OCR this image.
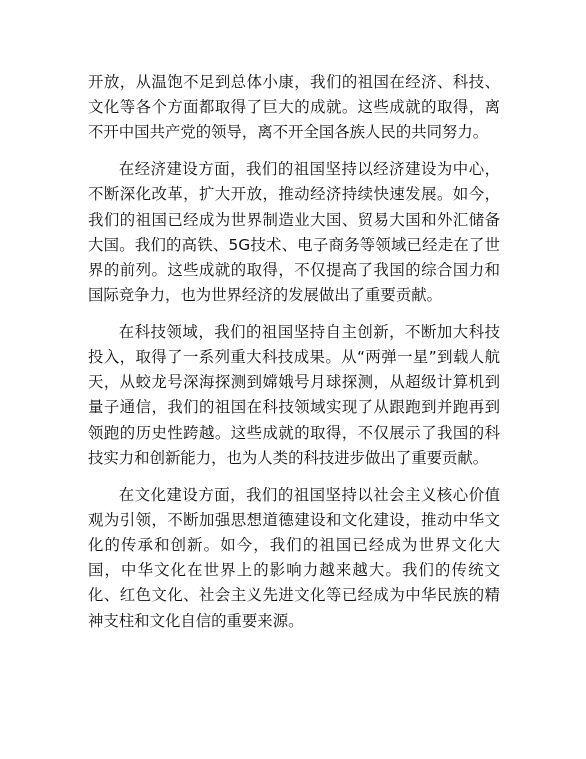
开放，从温饱不足到总体小康，我们的祖国在经济、科技、文化等各个方面都取得了巨大的成就。这些成就的取得，离不开中国共产党的领导，离不开全国各族人民的共同努力。

在经济建设方面，我们的祖国坚持以经济建设为中心，不断深化改革，扩大开放，推动经济持续快速发展。如今，我们的祖国已经成为世界制造业大国、贸易大国和外汇储备大国。我们的高铁、5G技术、电子商务等领域已经走在了世界的前列。这些成就的取得，不仅提高了我国的综合国力和国际竞争力，也为世界经济的发展做出了重要贡献。

在科技领域，我们的祖国坚持自主创新，不断加大科技投入，取得了一系列重大科技成果。从“两弹一星”到载人航天，从蛟龙号深海探测到嫦娥号月球探测，从超级计算机到量子通信，我们的祖国在科技领域实现了从跟跑到并跑再到领跑的历史性跨越。这些成就的取得，不仅展示了我国的科技实力和创新能力，也为人类的科技进步做出了重要贡献。

在文化建设方面，我们的祖国坚持以社会主义核心价值观为引领，不断加强思想道德建设和文化建设，推动中华文化的传承和创新。如今，我们的祖国已经成为世界文化大国，中华文化在世界上的影响力越来越大。我们的传统文化、红色文化、社会主义先进文化等已经成为中华民族的精神支柱和文化自信的重要来源。
